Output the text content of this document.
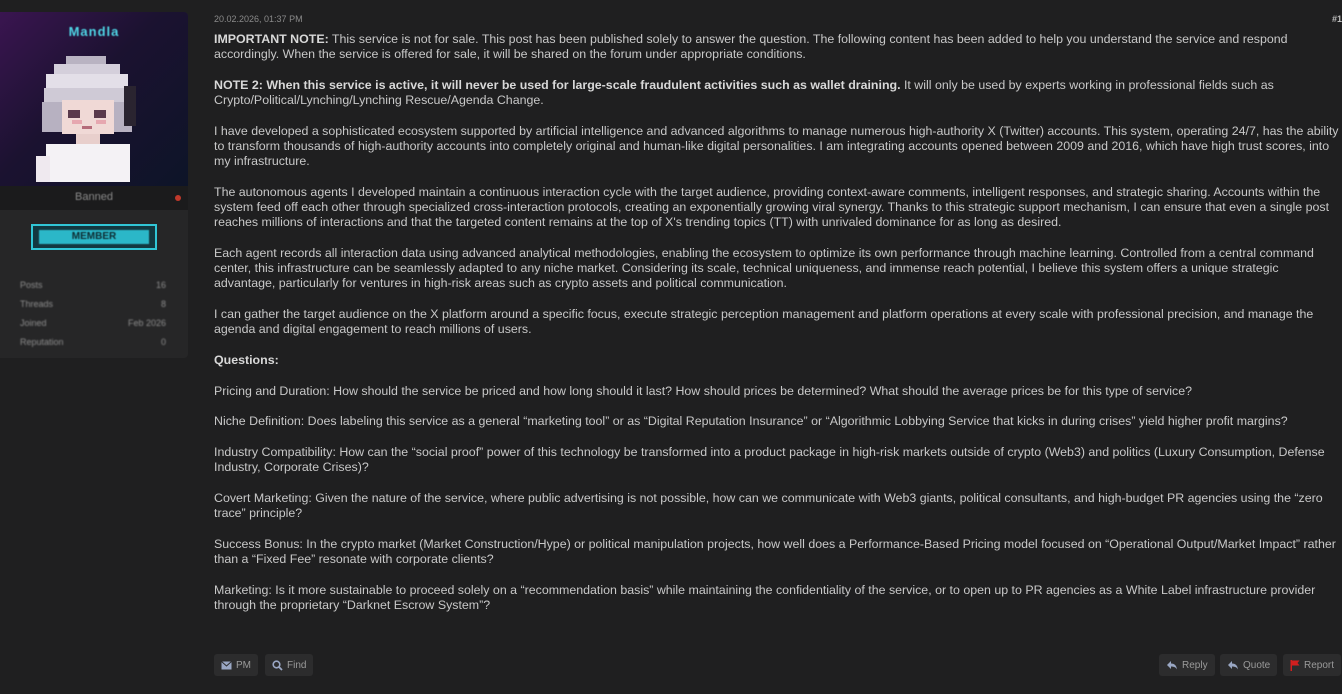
Mandla
Banned
MEMBER
Posts	16
Threads	8
Joined	Feb 2026
Reputation	0
20.02.2026, 01:37 PM	#1

IMPORTANT NOTE: This service is not for sale. This post has been published solely to answer the question. The following content has been added to help you understand the service and respond accordingly. When the service is offered for sale, it will be shared on the forum under appropriate conditions.

NOTE 2: When this service is active, it will never be used for large-scale fraudulent activities such as wallet draining. It will only be used by experts working in professional fields such as Crypto/Political/Lynching/Lynching Rescue/Agenda Change.

I have developed a sophisticated ecosystem supported by artificial intelligence and advanced algorithms to manage numerous high-authority X (Twitter) accounts. This system, operating 24/7, has the ability to transform thousands of high-authority accounts into completely original and human-like digital personalities. I am integrating accounts opened between 2009 and 2016, which have high trust scores, into my infrastructure.

The autonomous agents I developed maintain a continuous interaction cycle with the target audience, providing context-aware comments, intelligent responses, and strategic sharing. Accounts within the system feed off each other through specialized cross-interaction protocols, creating an exponentially growing viral synergy. Thanks to this strategic support mechanism, I can ensure that even a single post reaches millions of interactions and that the targeted content remains at the top of X's trending topics (TT) with unrivaled dominance for as long as desired.

Each agent records all interaction data using advanced analytical methodologies, enabling the ecosystem to optimize its own performance through machine learning. Controlled from a central command center, this infrastructure can be seamlessly adapted to any niche market. Considering its scale, technical uniqueness, and immense reach potential, I believe this system offers a unique strategic advantage, particularly for ventures in high-risk areas such as crypto assets and political communication.

I can gather the target audience on the X platform around a specific focus, execute strategic perception management and platform operations at every scale with professional precision, and manage the agenda and digital engagement to reach millions of users.

Questions:

Pricing and Duration: How should the service be priced and how long should it last? How should prices be determined? What should the average prices be for this type of service?

Niche Definition: Does labeling this service as a general “marketing tool” or as “Digital Reputation Insurance” or “Algorithmic Lobbying Service that kicks in during crises” yield higher profit margins?

Industry Compatibility: How can the “social proof” power of this technology be transformed into a product package in high-risk markets outside of crypto (Web3) and politics (Luxury Consumption, Defense Industry, Corporate Crises)?

Covert Marketing: Given the nature of the service, where public advertising is not possible, how can we communicate with Web3 giants, political consultants, and high-budget PR agencies using the “zero trace” principle?

Success Bonus: In the crypto market (Market Construction/Hype) or political manipulation projects, how well does a Performance-Based Pricing model focused on “Operational Output/Market Impact” rather than a “Fixed Fee” resonate with corporate clients?

Marketing: Is it more sustainable to proceed solely on a “recommendation basis” while maintaining the confidentiality of the service, or to open up to PR agencies as a White Label infrastructure provider through the proprietary “Darknet Escrow System”?

PM	Find	Reply	Quote	Report
